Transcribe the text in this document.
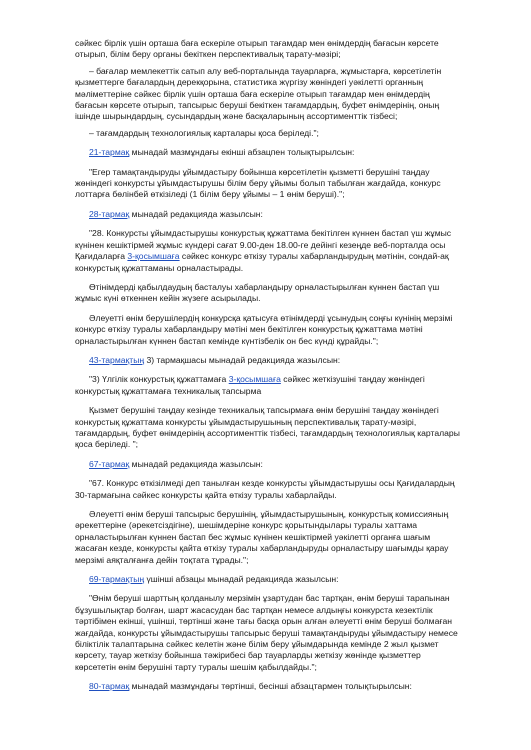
сәйкес бірлік үшін орташа баға ескеріле отырып тағамдар мен өнімдердің бағасын көрсете отырып, білім беру органы бекіткен перспективалық тарату-мәзірі;

– бағалар мемлекеттік сатып алу веб-порталында тауарларға, жұмыстарға, көрсетілетін қызметтерге бағалардың дерекқорына, статистика жүргізу жөніндегі уәкілетті органның мәліметтеріне сәйкес бірлік үшін орташа баға ескеріле отырып тағамдар мен өнімдердің бағасын көрсете отырып, тапсырыс беруші бекіткен тағамдардың, буфет өнімдерінің, оның ішінде шырындардың, сусындардың және басқаларының ассортименттік тізбесі;

– тағамдардың технологиялық карталары қоса беріледі.";

21-тармақ мынадай мазмұндағы екінші абзацпен толықтырылсын:

"Егер тамақтандыруды ұйымдастыру бойынша көрсетілетін қызметті берушіні таңдау жөніндегі конкурсты ұйымдастырушы білім беру ұйымы болып табылған жағдайда, конкурс лоттарға бөлінбей өткізіледі (1 білім беру ұйымы – 1 өнім беруші).";

28-тармақ мынадай редакцияда жазылсын:

"28. Конкурсты ұйымдастырушы конкурстық құжаттама бекітілген күннен бастап үш жұмыс күнінен кешіктірмей жұмыс күндері сағат 9.00-ден 18.00-ге дейінгі кезеңде веб-порталда осы Қағидаларға 3-қосымшаға сәйкес конкурс өткізу туралы хабарландырудың мәтінін, сондай-ақ конкурстық құжаттаманы орналастырады.

Өтінімдерді қабылдаудың басталуы хабарландыру орналастырылған күннен бастап үш жұмыс күні өткеннен кейін жүзеге асырылады.

Әлеуетті өнім берушілердің конкурсқа қатысуға өтінімдерді ұсынудың соңғы күнінің мерзімі конкурс өткізу туралы хабарландыру мәтіні мен бекітілген конкурстық құжаттама мәтіні орналастырылған күннен бастап кемінде күнтізбелік он бес күнді құрайды.";

43-тармақтың 3) тармақшасы мынадай редакцияда жазылсын:

"3) Үлгілік конкурстық құжаттамаға 3-қосымшаға сәйкес жеткізушіні таңдау жөніндегі конкурстық құжаттамаға техникалық тапсырма

Қызмет берушіні таңдау кезінде техникалық тапсырмаға өнім берушіні таңдау жөніндегі конкурстық құжаттама конкурсты ұйымдастырушының перспективалық тарату-мәзірі, тағамдардың, буфет өнімдерінің ассортименттік тізбесі, тағамдардың технологиялық карталары қоса беріледі. ";

67-тармақ мынадай редакцияда жазылсын:

"67. Конкурс өткізілмеді деп танылған кезде конкурсты ұйымдастырушы осы Қағидалардың 30-тармағына сәйкес конкурсты қайта өткізу туралы хабарлайды.

Әлеуетті өнім беруші тапсырыс берушінің, ұйымдастырушының, конкурстық комиссияның әрекеттеріне (әрекетсіздігіне), шешімдеріне конкурс қорытындылары туралы хаттама орналастырылған күннен бастап бес жұмыс күнінен кешіктірмей уәкілетті органға шағым жасаған кезде, конкурсты қайта өткізу туралы хабарландыруды орналастыру шағымды қарау мерзімі аяқталғанға дейін тоқтата тұрады.";

69-тармақтың үшінші абзацы мынадай редакцияда жазылсын:

"Өнім беруші шарттың қолданылу мерзімін ұзартудан бас тартқан, өнім беруші тарапынан бұзушылықтар болған, шарт жасасудан бас тартқан немесе алдыңғы конкурста кезектілік тәртібімен екінші, үшінші, төртінші және тағы басқа орын алған әлеуетті өнім беруші болмаған жағдайда, конкурсты ұйымдастырушы тапсырыс беруші тамақтандыруды ұйымдастыру немесе біліктілік талаптарына сәйкес келетін және білім беру ұйымдарында кемінде 2 жыл қызмет көрсету, тауар жеткізу бойынша тәжірибесі бар тауарларды жеткізу жөнінде қызметтер көрсететін өнім берушіні тарту туралы шешім қабылдайды.";

80-тармақ мынадай мазмұндағы төртінші, бесінші абзацтармен толықтырылсын:
